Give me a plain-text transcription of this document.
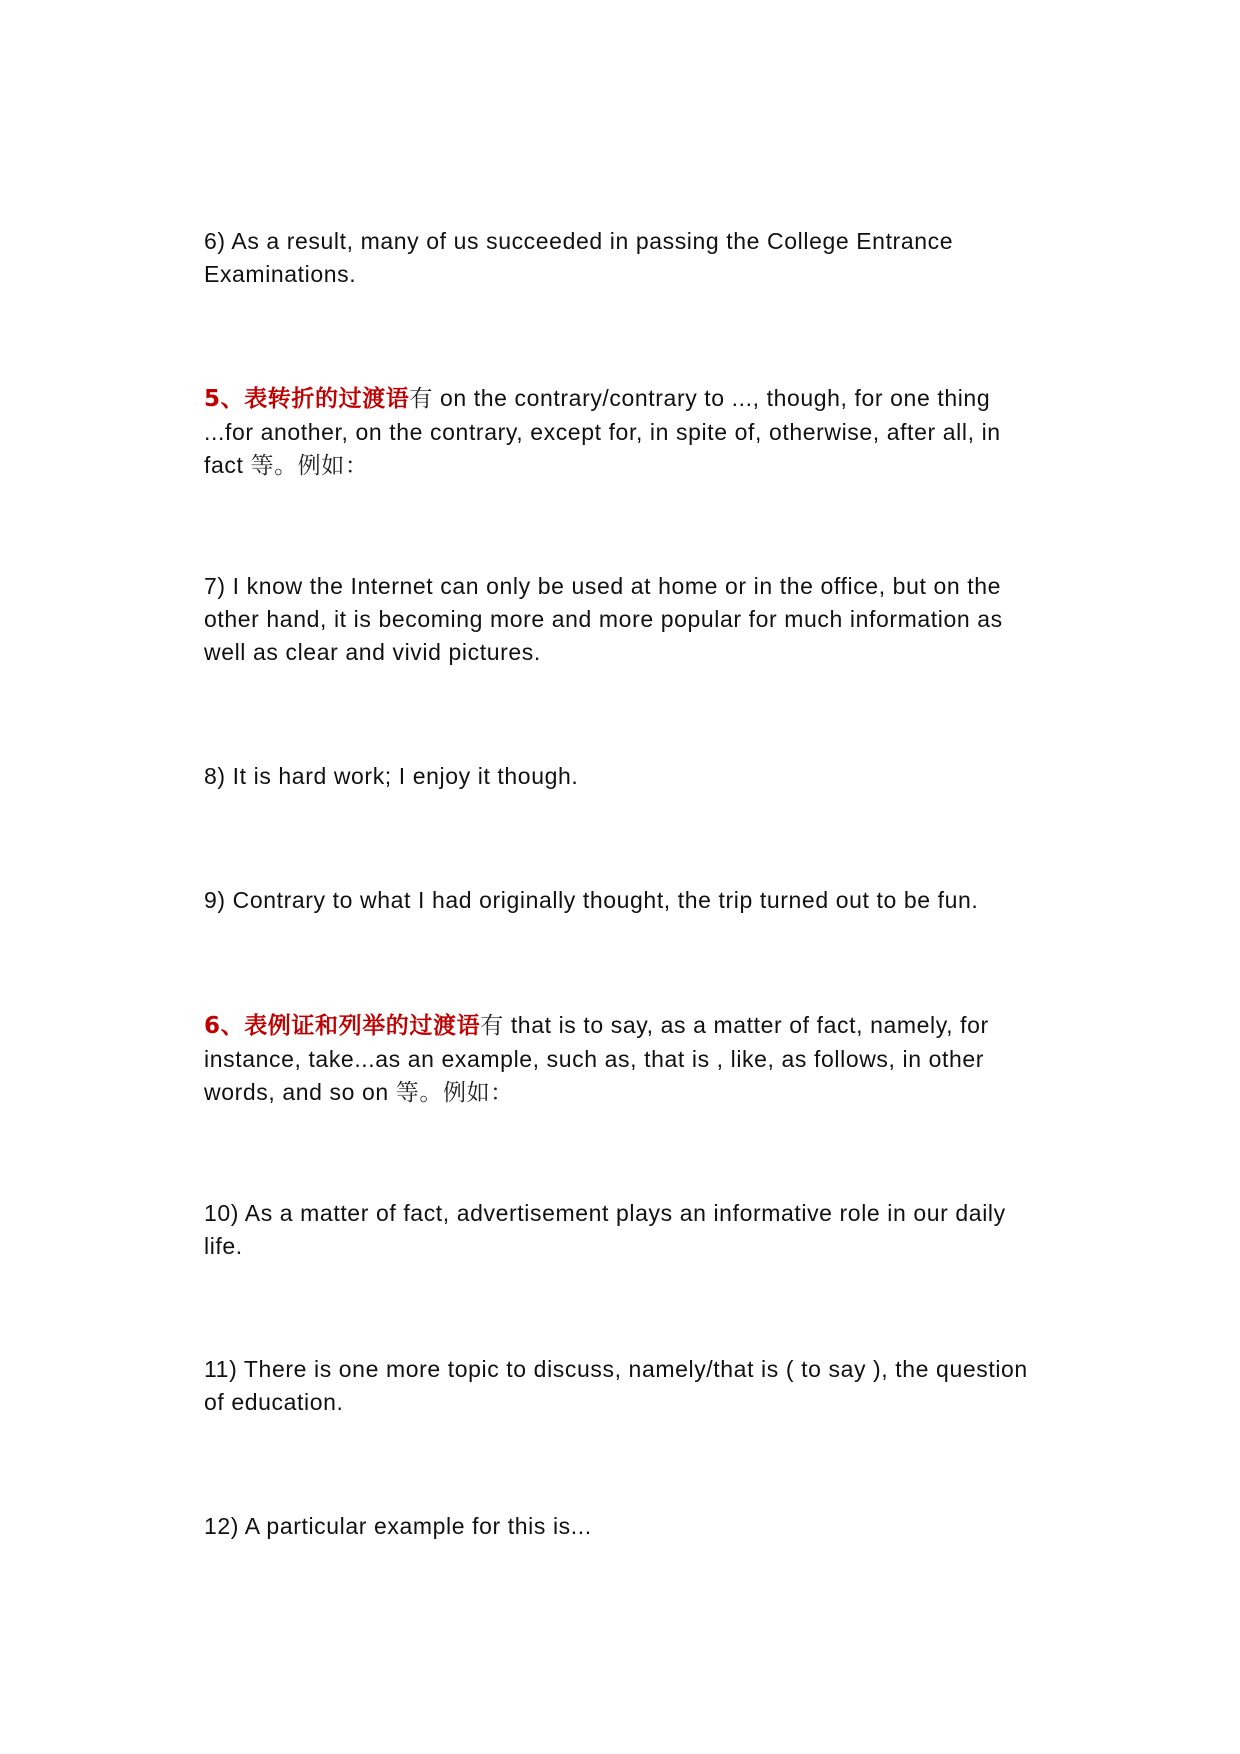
6) As a result, many of us succeeded in passing the College Entrance Examinations.

5、表转折的过渡语有 on the contrary/contrary to ..., though, for one thing ...for another, on the contrary, except for, in spite of, otherwise, after all, in fact 等。例如：

7) I know the Internet can only be used at home or in the office, but on the other hand, it is becoming more and more popular for much information as well as clear and vivid pictures.

8) It is hard work; I enjoy it though.

9) Contrary to what I had originally thought, the trip turned out to be fun.

6、表例证和列举的过渡语有 that is to say, as a matter of fact, namely, for instance, take...as an example, such as, that is , like, as follows, in other words, and so on 等。例如：

10) As a matter of fact, advertisement plays an informative role in our daily life.

11) There is one more topic to discuss, namely/that is ( to say ), the question of education.

12) A particular example for this is...
